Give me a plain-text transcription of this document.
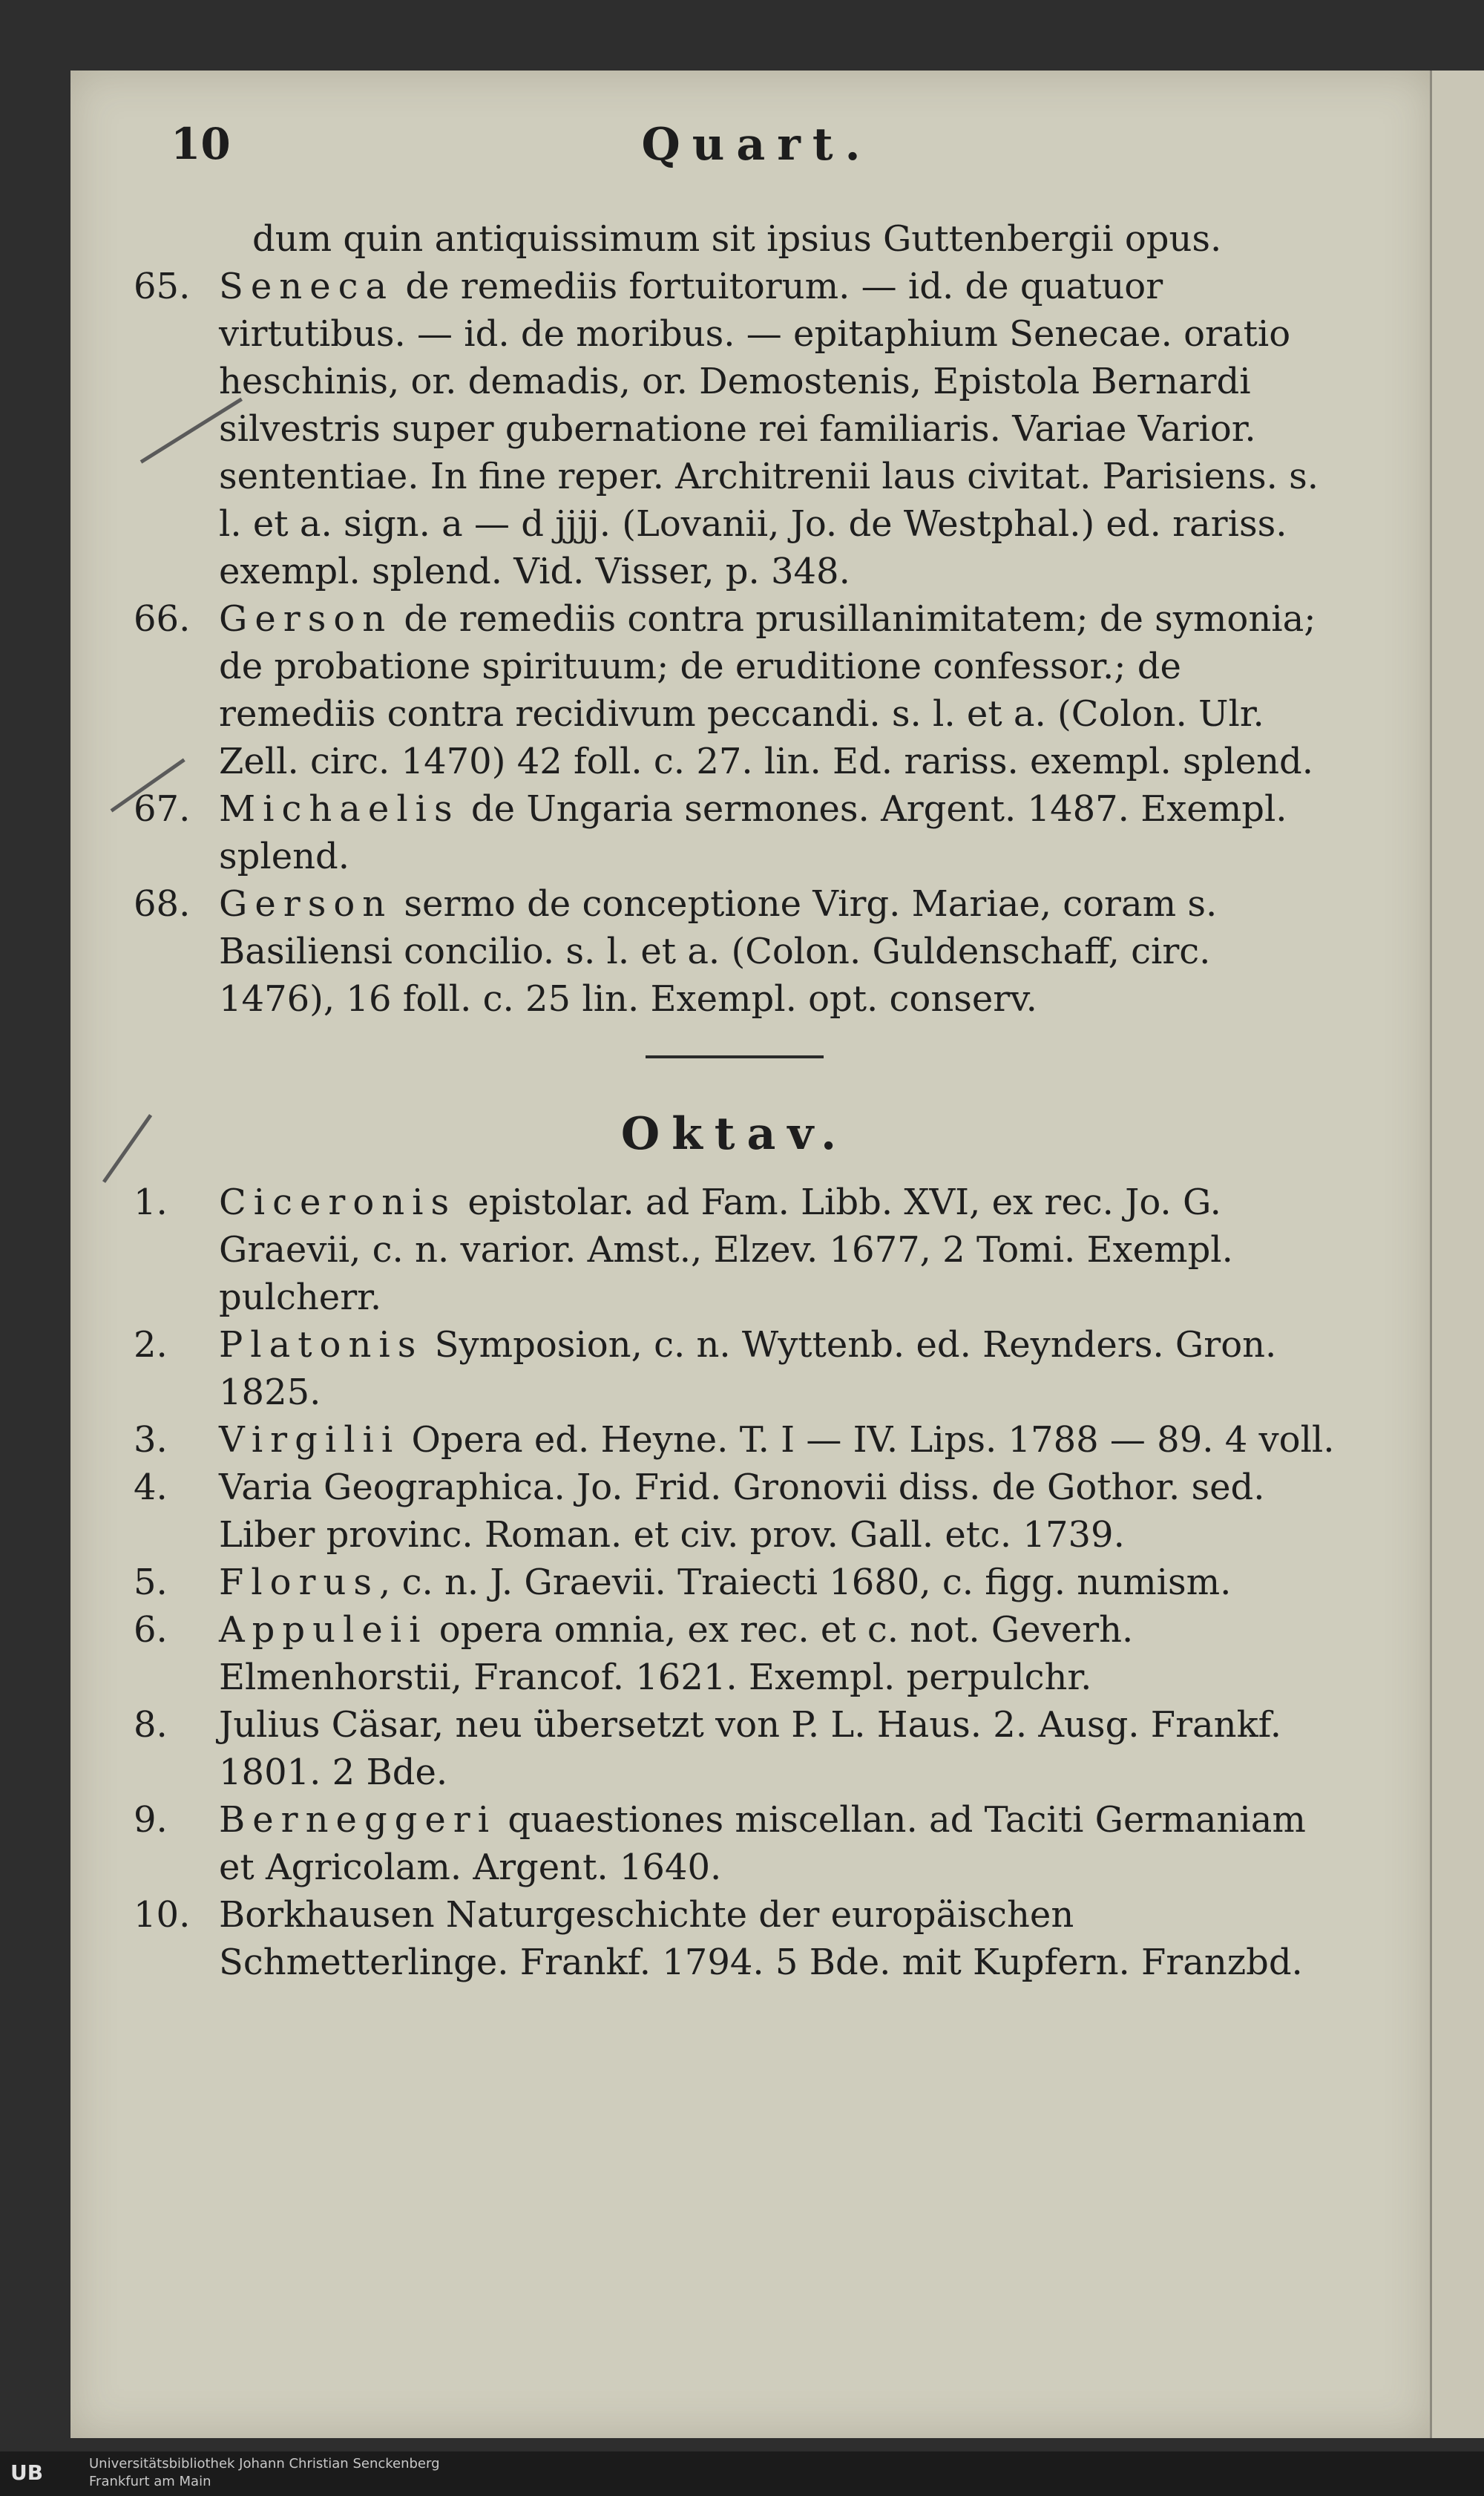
10	Quart.

dum quin antiquissimum sit ipsius Guttenbergii opus.

65. Seneca de remediis fortuitorum. — id. de quatuor virtutibus. — id. de moribus. — epitaphium Senecae. oratio heschinis, or. demadis, or. Demostenis, Epistola Bernardi silvestris super gubernatione rei familiaris. Variae Varior. sententiae. In fine reper. Architrenii laus civitat. Parisiens. s. l. et a. sign. a — d jjjj. (Lovanii, Jo. de Westphal.) ed. rariss. exempl. splend. Vid. Visser, p. 348.

66. Gerson de remediis contra prusillanimitatem; de symonia; de probatione spirituum; de eruditione confessor.; de remediis contra recidivum peccandi. s. l. et a. (Colon. Ulr. Zell. circ. 1470) 42 foll. c. 27. lin. Ed. rariss. exempl. splend.

67. Michaelis de Ungaria sermones. Argent. 1487. Exempl. splend.

68. Gerson sermo de conceptione Virg. Mariae, coram s. Basiliensi concilio. s. l. et a. (Colon. Guldenschaff, circ. 1476), 16 foll. c. 25 lin. Exempl. opt. conserv.

Oktav.

1.	Ciceronis epistolar. ad Fam. Libb. XVI, ex rec. Jo. G. Graevii, c. n. varior. Amst., Elzev. 1677, 2 Tomi. Exempl. pulcherr.

2.	Platonis Symposion, c. n. Wyttenb. ed. Reynders. Gron. 1825.

3.	Virgilii Opera ed. Heyne. T. I — IV. Lips. 1788 — 89. 4 voll.

4.	Varia Geographica. Jo. Frid. Gronovii diss. de Gothor. sed. Liber provinc. Roman. et civ. prov. Gall. etc. 1739.

5.	Florus, c. n. J. Graevii. Traiecti 1680, c. figg. numism.

6.	Appuleii opera omnia, ex rec. et c. not. Geverh. Elmenhorstii, Francof. 1621. Exempl. perpulchr.

8.	Julius Cäsar, neu übersetzt von P. L. Haus. 2. Ausg. Frankf. 1801. 2 Bde.

9.	Berneggeri quaestiones miscellan. ad Taciti Germaniam et Agricolam. Argent. 1640.

10. Borkhausen Naturgeschichte der europäischen Schmetterlinge. Frankf. 1794. 5 Bde. mit Kupfern. Franzbd.

UB	Universitätsbibliothek Johann Christian Senckenberg
Frankfurt am Main
